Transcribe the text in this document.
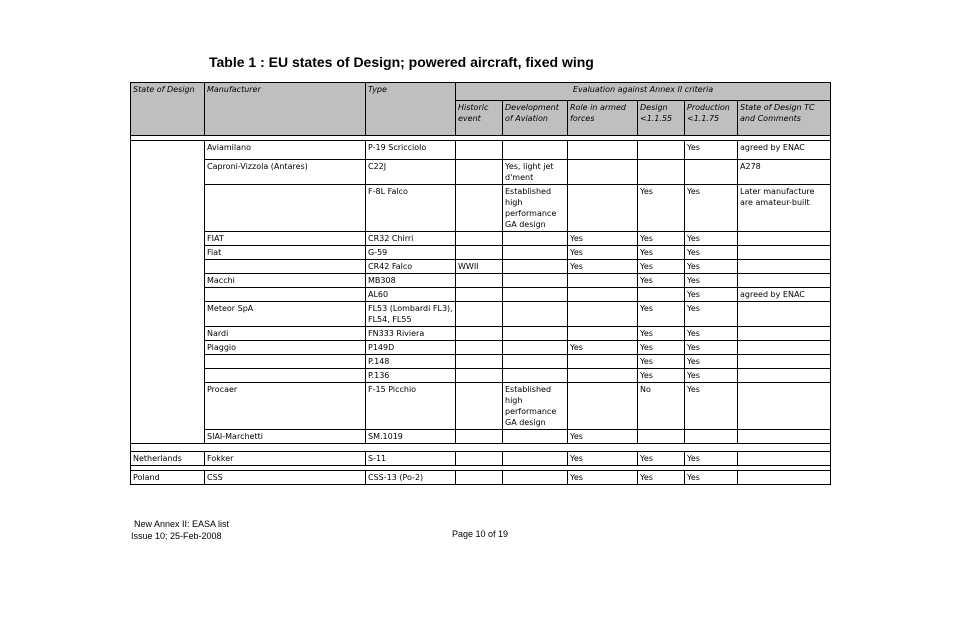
Table 1 : EU states of Design; powered aircraft, fixed wing
State of Design	Manufacturer	Type	Evaluation against Annex II criteria					
			Historic event	Development of Aviation	Role in armed forces	Design <1.1.55	Production <1.1.75	State of Design TC and Comments

	Aviamilano	P-19 Scricciolo					Yes	agreed by ENAC
	Caproni-Vizzola (Antares)	C22J		Yes, light jet d'ment				A278
		F-8L Falco		Established high performance GA design		Yes	Yes	Later manufacture are amateur-built
	FIAT	CR32 Chirri			Yes	Yes	Yes	
	Fiat	G-59			Yes	Yes	Yes	
		CR42 Falco	WWII		Yes	Yes	Yes	
	Macchi	MB308				Yes	Yes	
		AL60					Yes	agreed by ENAC
	Meteor SpA	FL53 (Lombardi FL3), FL54, FL55				Yes	Yes	
	Nardi	FN333 Riviera				Yes	Yes	
	Piaggio	P149D			Yes	Yes	Yes	
		P.148				Yes	Yes	
		P.136				Yes	Yes	
	Procaer	F-15 Picchio		Established high performance GA design		No	Yes	
	SIAI-Marchetti	SM.1019			Yes			

Netherlands	Fokker	S-11			Yes	Yes	Yes	

Poland	CSS	CSS-13 (Po-2)			Yes	Yes	Yes	
New Annex II: EASA list
Issue 10; 25-Feb-2008	Page 10 of 19
